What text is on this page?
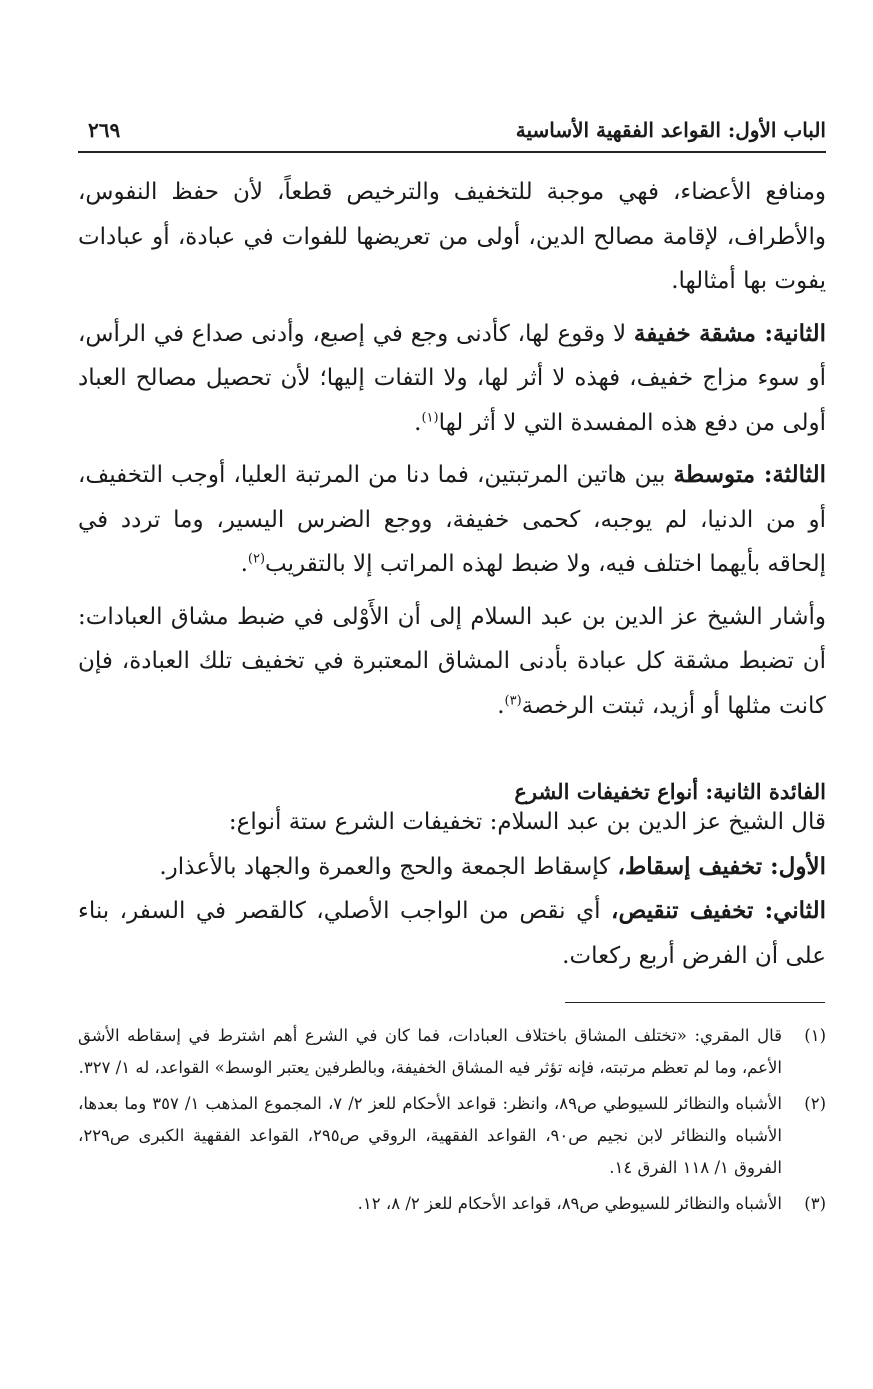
الباب الأول: القواعد الفقهية الأساسية
٢٦٩

ومنافع الأعضاء، فهي موجبة للتخفيف والترخيص قطعاً، لأن حفظ النفوس، والأطراف، لإقامة مصالح الدين، أولى من تعريضها للفوات في عبادة، أو عبادات يفوت بها أمثالها.

الثانية: مشقة خفيفة لا وقوع لها، كأدنى وجع في إصبع، وأدنى صداع في الرأس، أو سوء مزاج خفيف، فهذه لا أثر لها، ولا التفات إليها؛ لأن تحصيل مصالح العباد أولى من دفع هذه المفسدة التي لا أثر لها$^{(١)}$.

الثالثة: متوسطة بين هاتين المرتبتين، فما دنا من المرتبة العليا، أوجب التخفيف، أو من الدنيا، لم يوجبه، كحمى خفيفة، ووجع الضرس اليسير، وما تردد في إلحاقه بأيهما اختلف فيه، ولا ضبط لهذه المراتب إلا بالتقريب$^{(٢)}$.

وأشار الشيخ عز الدين بن عبد السلام إلى أن الأَوْلى في ضبط مشاق العبادات: أن تضبط مشقة كل عبادة بأدنى المشاق المعتبرة في تخفيف تلك العبادة، فإن كانت مثلها أو أزيد، ثبتت الرخصة$^{(٣)}$.

الفائدة الثانية: أنواع تخفيفات الشرع

قال الشيخ عز الدين بن عبد السلام: تخفيفات الشرع ستة أنواع:

الأول: تخفيف إسقاط، كإسقاط الجمعة والحج والعمرة والجهاد بالأعذار.

الثاني: تخفيف تنقيص، أي نقص من الواجب الأصلي، كالقصر في السفر، بناء على أن الفرض أربع ركعات.

(١)
قال المقري: «تختلف المشاق باختلاف العبادات، فما كان في الشرع أهم اشترط في إسقاطه الأشق الأعم، وما لم تعظم مرتبته، فإنه تؤثر فيه المشاق الخفيفة، وبالطرفين يعتبر الوسط» القواعد، له ١/ ٣٢٧.
(٢)
الأشباه والنظائر للسيوطي ص٨٩، وانظر: قواعد الأحكام للعز ٢/ ٧، المجموع المذهب ١/ ٣٥٧ وما بعدها، الأشباه والنظائر لابن نجيم ص٩٠، القواعد الفقهية، الروقي ص٢٩٥، القواعد الفقهية الكبرى ص٢٢٩، الفروق ١/ ١١٨ الفرق ١٤.
(٣)
الأشباه والنظائر للسيوطي ص٨٩، قواعد الأحكام للعز ٢/ ٨، ١٢.
